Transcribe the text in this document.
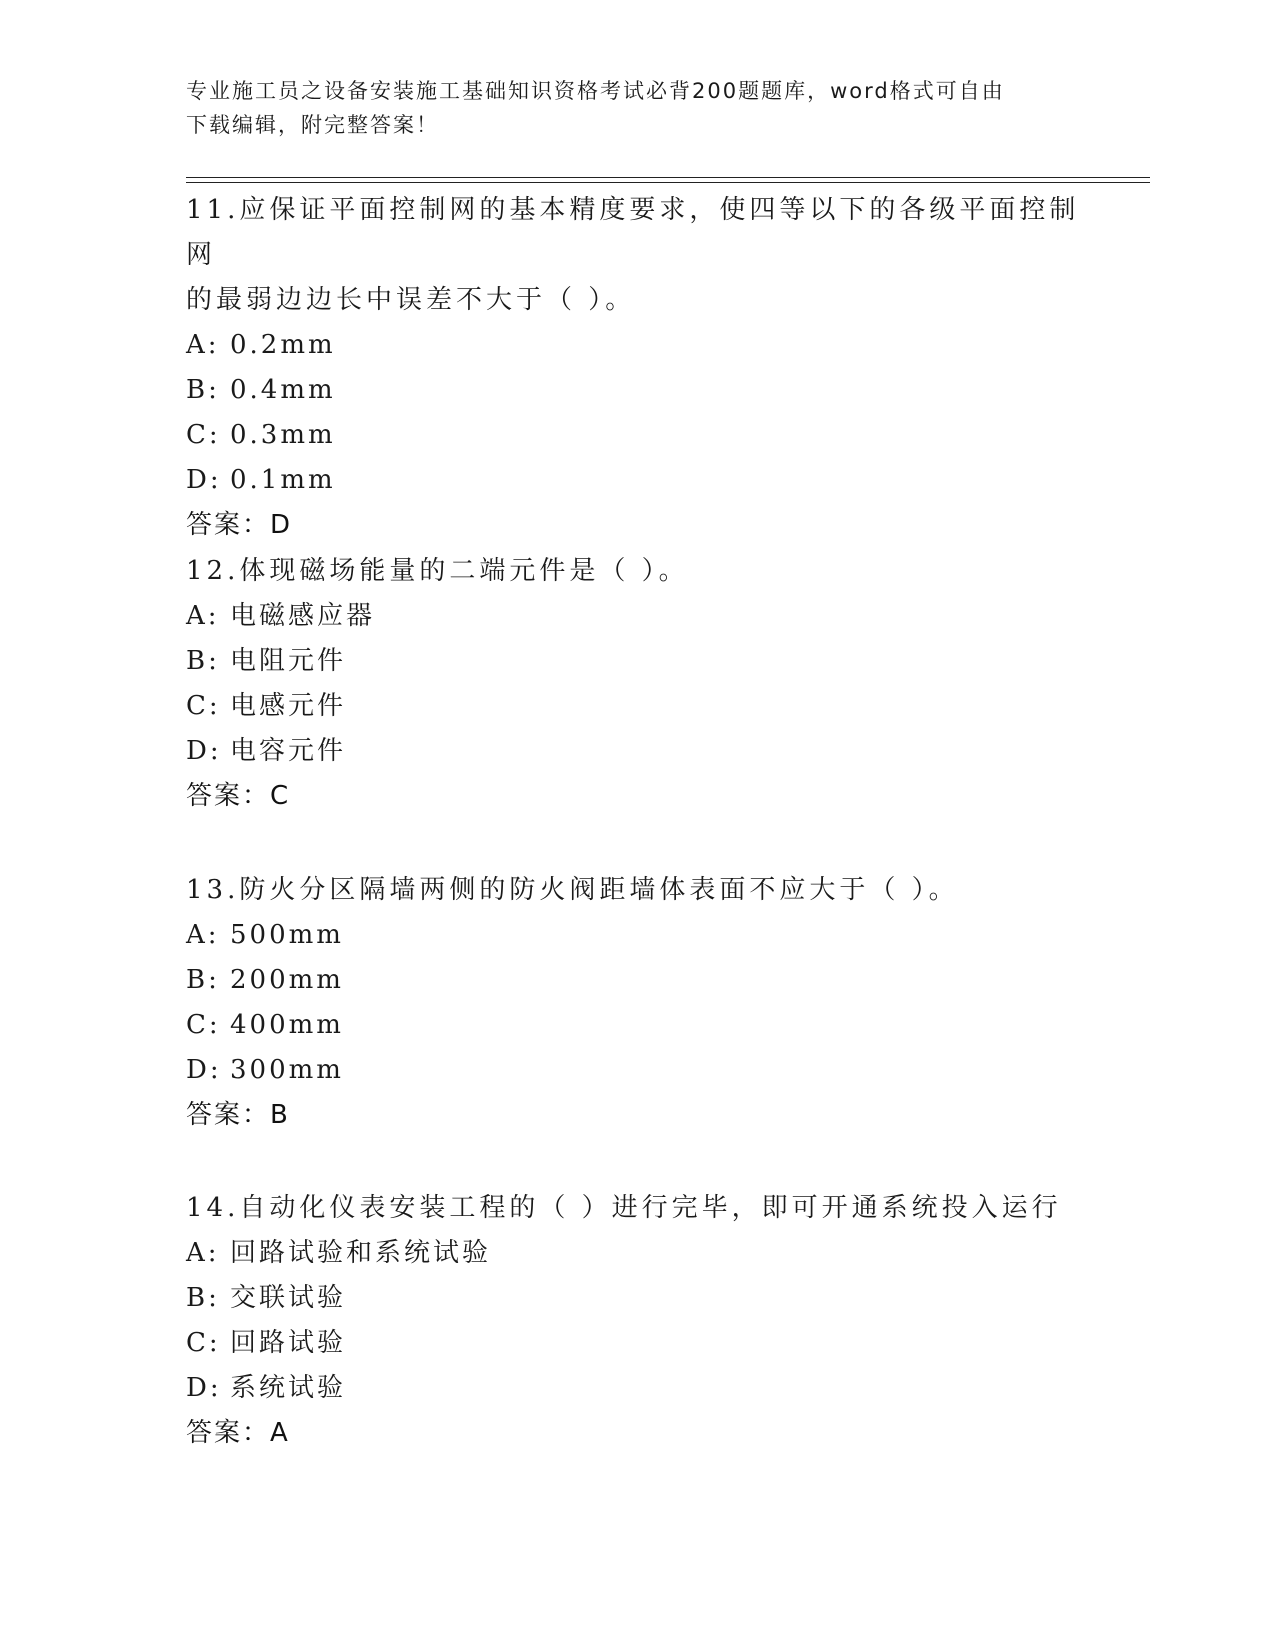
专业施工员之设备安装施工基础知识资格考试必背200题题库，word格式可自由
下载编辑，附完整答案！
11.应保证平面控制网的基本精度要求，使四等以下的各级平面控制网
的最弱边边长中误差不大于（ ）。
A: 0.2mm
B: 0.4mm
C: 0.3mm
D: 0.1mm
答案：D
12.体现磁场能量的二端元件是（ ）。
A: 电磁感应器
B: 电阻元件
C: 电感元件
D: 电容元件
答案：C
13.防火分区隔墙两侧的防火阀距墙体表面不应大于（ ）。
A: 500mm
B: 200mm
C: 400mm
D: 300mm
答案：B
14.自动化仪表安装工程的（ ）进行完毕，即可开通系统投入运行
A: 回路试验和系统试验
B: 交联试验
C: 回路试验
D: 系统试验
答案：A
